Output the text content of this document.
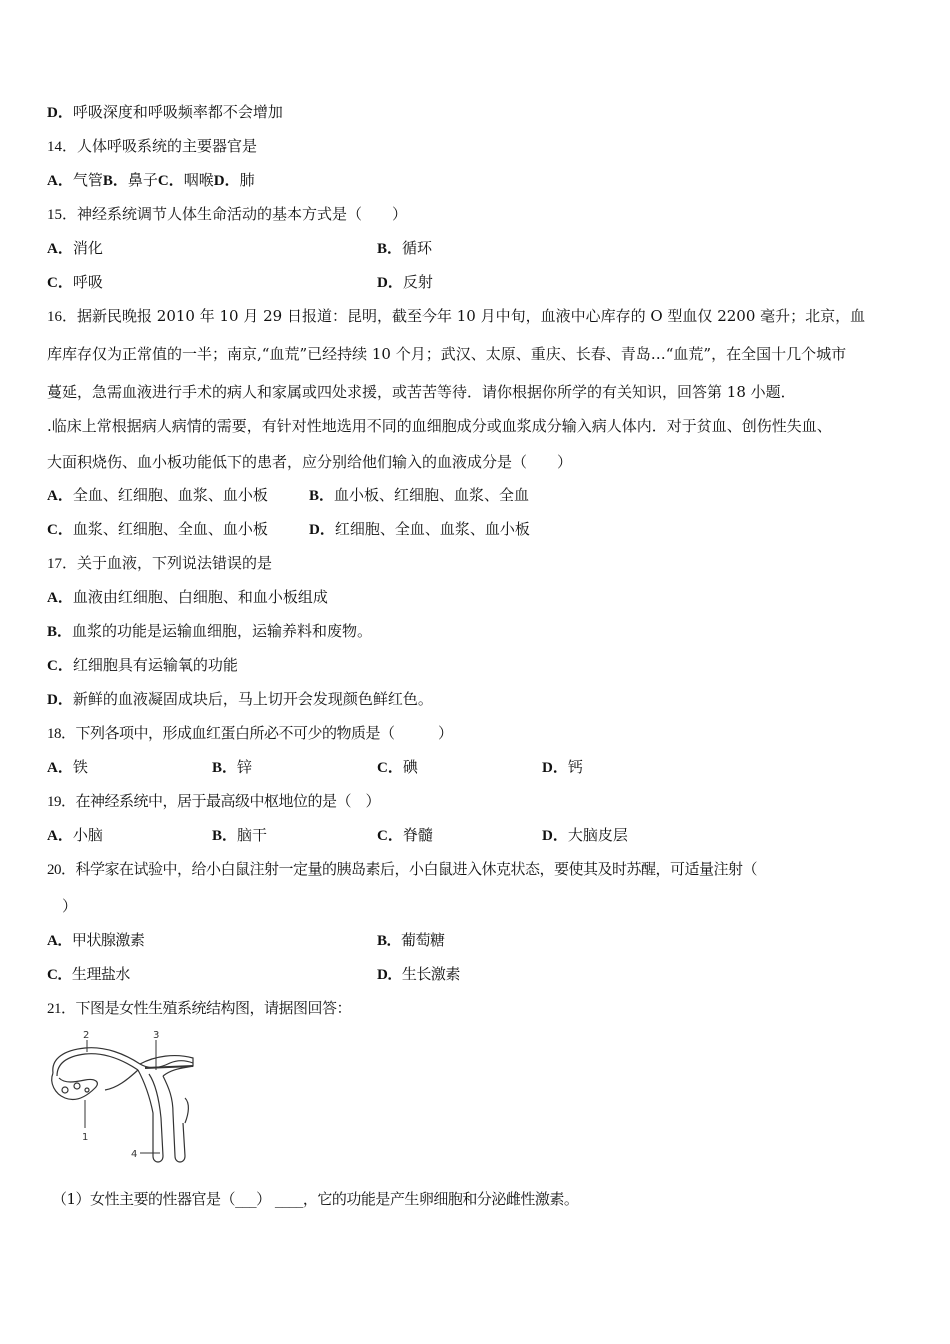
D．呼吸深度和呼吸频率都不会增加
14．人体呼吸系统的主要器官是
A．气管B．鼻子C．咽喉D．肺
15．神经系统调节人体生命活动的基本方式是（　　）
A．消化	B．循环
C．呼吸	D．反射
16．据新民晚报 2010 年 10 月 29 日报道：昆明，截至今年 10 月中旬，血液中心库存的 O 型血仅 2200 毫升；北京，血
库库存仅为正常值的一半；南京,“血荒”已经持续 10 个月；武汉、太原、重庆、长春、青岛…“血荒”，在全国十几个城市
蔓延，急需血液进行手术的病人和家属或四处求援，或苦苦等待．请你根据你所学的有关知识，回答第 18 小题．
.临床上常根据病人病情的需要，有针对性地选用不同的血细胞成分或血浆成分输入病人体内．对于贫血、创伤性失血、
大面积烧伤、血小板功能低下的患者，应分别给他们输入的血液成分是（　　）
A．全血、红细胞、血浆、血小板	B．血小板、红细胞、血浆、全血
C．血浆、红细胞、全血、血小板	D．红细胞、全血、血浆、血小板
17．关于血液，下列说法错误的是
A．血液由红细胞、白细胞、和血小板组成
B．血浆的功能是运输血细胞，运输养料和废物。
C．红细胞具有运输氧的功能
D．新鲜的血液凝固成块后，马上切开会发现颜色鲜红色。
18．下列各项中，形成血红蛋白所必不可少的物质是（　　　）
A．铁	B．锌	C．碘	D．钙
19．在神经系统中，居于最高级中枢地位的是（　）
A．小脑	B．脑干	C．脊髓	D．大脑皮层
20．科学家在试验中，给小白鼠注射一定量的胰岛素后，小白鼠进入休克状态，要使其及时苏醒，可适量注射（
）
A．甲状腺激素	B．葡萄糖
C．生理盐水	D．生长激素
21．下图是女性生殖系统结构图，请据图回答：
2	3
1
4
（1）女性主要的性器官是（___） ____，它的功能是产生卵细胞和分泌雌性激素。
